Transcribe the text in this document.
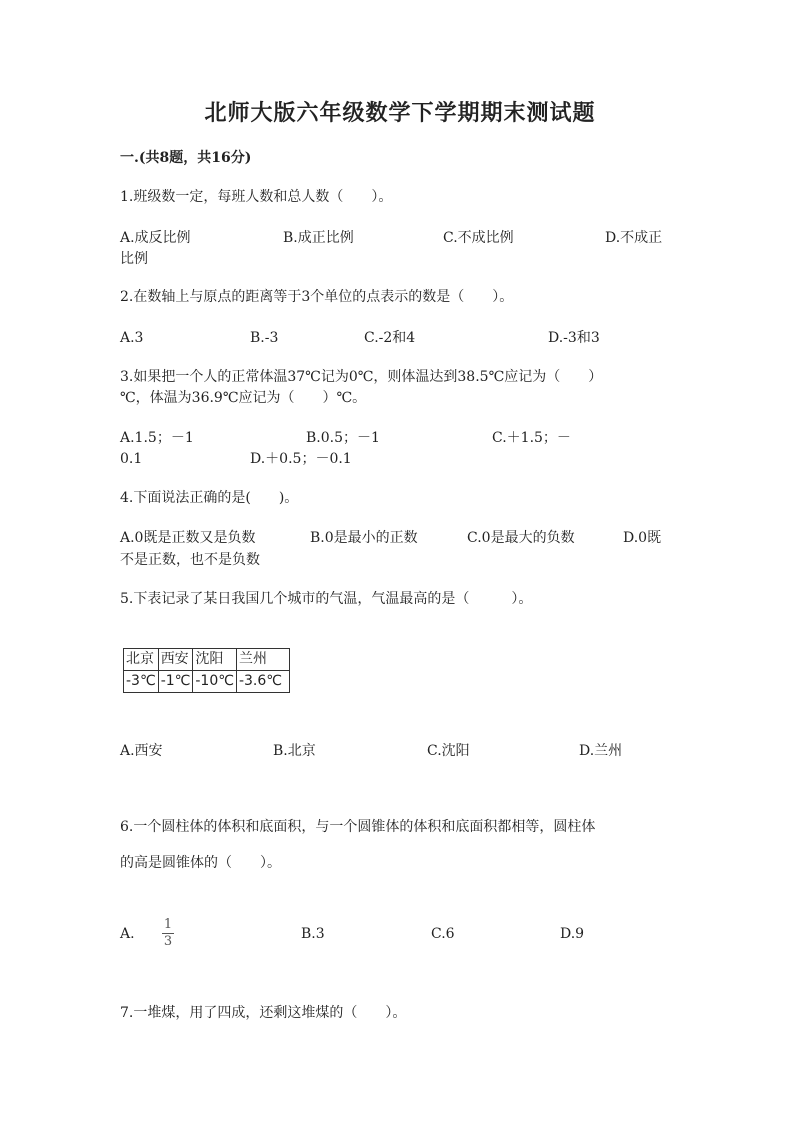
北师大版六年级数学下学期期末测试题
一.(共8题，共16分)
1.班级数一定，每班人数和总人数（　　）。
A.成反比例	B.成正比例	C.不成比例	D.不成正
比例
2.在数轴上与原点的距离等于3个单位的点表示的数是（　　）。
A.3	B.-3	C.-2和4	D.-3和3
3.如果把一个人的正常体温37℃记为0℃，则体温达到38.5℃应记为（　　）
℃，体温为36.9℃应记为（　　）℃。
A.1.5；－1	B.0.5；－1	C.＋1.5；－
0.1	D.＋0.5；－0.1
4.下面说法正确的是(　　)。
A.0既是正数又是负数	B.0是最小的正数	C.0是最大的负数	D.0既
不是正数，也不是负数
5.下表记录了某日我国几个城市的气温，气温最高的是（　　　）。
北京	西安	沈阳	兰州
-3℃	-1℃	-10℃	-3.6℃
A.西安	B.北京	C.沈阳	D.兰州
6.一个圆柱体的体积和底面积，与一个圆锥体的体积和底面积都相等，圆柱体
的高是圆锥体的（　　）。
A.
1
3	B.3	C.6	D.9
7.一堆煤，用了四成，还剩这堆煤的（　　）。
